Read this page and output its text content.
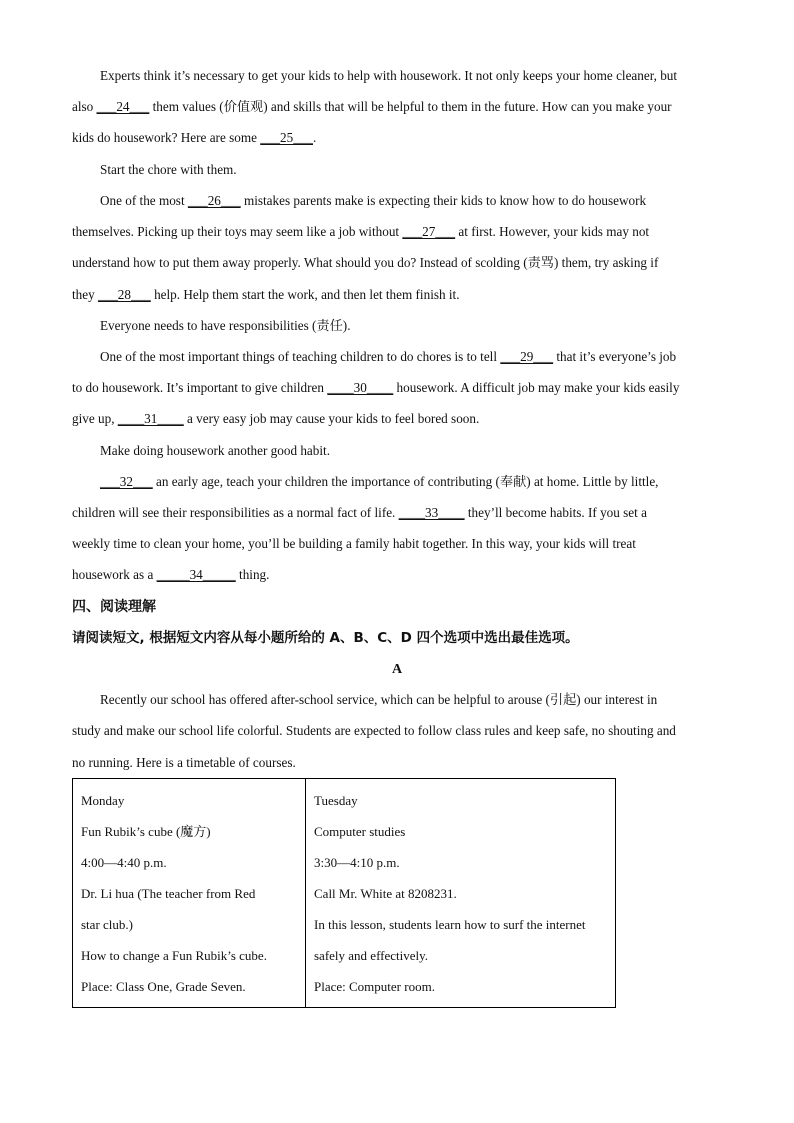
Experts think it’s necessary to get your kids to help with housework. It not only keeps your home cleaner, but
also ___24___ them values (价值观) and skills that will be helpful to them in the future. How can you make your
kids do housework? Here are some ___25___.
Start the chore with them.
One of the most ___26___ mistakes parents make is expecting their kids to know how to do housework
themselves. Picking up their toys may seem like a job without ___27___ at first. However, your kids may not
understand how to put them away properly. What should you do? Instead of scolding (责骂) them, try asking if
they ___28___ help. Help them start the work, and then let them finish it.
Everyone needs to have responsibilities (责任).
One of the most important things of teaching children to do chores is to tell ___29___ that it’s everyone’s job
to do housework. It’s important to give children ____30____ housework. A difficult job may make your kids easily
give up, ____31____ a very easy job may cause your kids to feel bored soon.
Make doing housework another good habit.
___32___ an early age, teach your children the importance of contributing (奉献) at home. Little by little,
children will see their responsibilities as a normal fact of life. ____33____ they’ll become habits. If you set a
weekly time to clean your home, you’ll be building a family habit together. In this way, your kids will treat
housework as a _____34_____ thing.
四、阅读理解
请阅读短文, 根据短文内容从每小题所给的 A、B、C、D 四个选项中选出最佳选项。
A
Recently our school has offered after-school service, which can be helpful to arouse (引起) our interest in
study and make our school life colorful. Students are expected to follow class rules and keep safe, no shouting and
no running. Here is a timetable of courses.
Monday
Fun Rubik’s cube (魔方)
4:00—4:40 p.m.
Dr. Li hua (The teacher from Red
star club.)
How to change a Fun Rubik’s cube.
Place: Class One, Grade Seven.

Tuesday
Computer studies
3:30—4:10 p.m.
Call Mr. White at 8208231.
In this lesson, students learn how to surf the internet
safely and effectively.
Place: Computer room.
